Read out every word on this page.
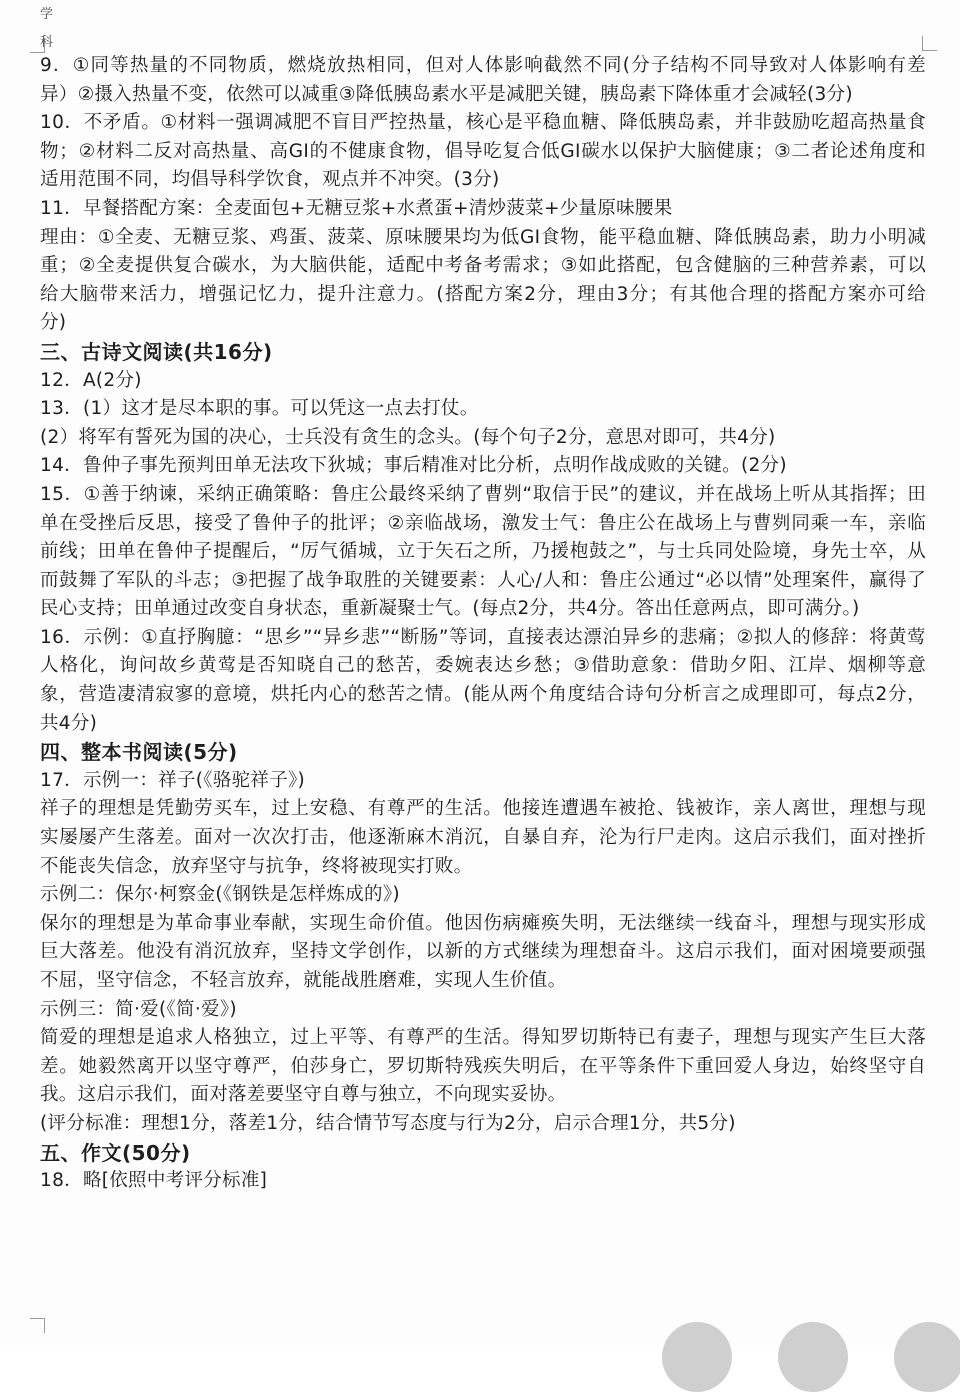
学
科
9．①同等热量的不同物质，燃烧放热相同，但对人体影响截然不同(分子结构不同导致对人体影响有差
异）②摄入热量不变，依然可以减重③降低胰岛素水平是减肥关键，胰岛素下降体重才会减轻(3分)
10．不矛盾。①材料一强调减肥不盲目严控热量，核心是平稳血糖、降低胰岛素，并非鼓励吃超高热量食
物；②材料二反对高热量、高GI的不健康食物，倡导吃复合低GI碳水以保护大脑健康；③二者论述角度和
适用范围不同，均倡导科学饮食，观点并不冲突。(3分)
11．早餐搭配方案：全麦面包+无糖豆浆+水煮蛋+清炒菠菜+少量原味腰果
理由：①全麦、无糖豆浆、鸡蛋、菠菜、原味腰果均为低GI食物，能平稳血糖、降低胰岛素，助力小明减
重；②全麦提供复合碳水，为大脑供能，适配中考备考需求；③如此搭配，包含健脑的三种营养素，可以
给大脑带来活力，增强记忆力，提升注意力。(搭配方案2分，理由3分；有其他合理的搭配方案亦可给
分)
三、古诗文阅读(共16分)
12．A(2分)
13．(1）这才是尽本职的事。可以凭这一点去打仗。
(2）将军有誓死为国的决心，士兵没有贪生的念头。(每个句子2分，意思对即可，共4分)
14．鲁仲子事先预判田单无法攻下狄城；事后精准对比分析，点明作战成败的关键。(2分)
15．①善于纳谏，采纳正确策略：鲁庄公最终采纳了曹刿“取信于民”的建议，并在战场上听从其指挥；田
单在受挫后反思，接受了鲁仲子的批评；②亲临战场，激发士气：鲁庄公在战场上与曹刿同乘一车，亲临
前线；田单在鲁仲子提醒后，“厉气循城，立于矢石之所，乃援枹鼓之”，与士兵同处险境，身先士卒，从
而鼓舞了军队的斗志；③把握了战争取胜的关键要素：人心/人和：鲁庄公通过“必以情”处理案件，赢得了
民心支持；田单通过改变自身状态，重新凝聚士气。(每点2分，共4分。答出任意两点，即可满分。)
16．示例：①直抒胸臆：“思乡”“异乡悲”“断肠”等词，直接表达漂泊异乡的悲痛；②拟人的修辞：将黄莺
人格化，询问故乡黄莺是否知晓自己的愁苦，委婉表达乡愁；③借助意象：借助夕阳、江岸、烟柳等意
象，营造凄清寂寥的意境，烘托内心的愁苦之情。(能从两个角度结合诗句分析言之成理即可，每点2分，
共4分)
四、整本书阅读(5分)
17．示例一：祥子(《骆驼祥子》)
祥子的理想是凭勤劳买车，过上安稳、有尊严的生活。他接连遭遇车被抢、钱被诈，亲人离世，理想与现
实屡屡产生落差。面对一次次打击，他逐渐麻木消沉，自暴自弃，沦为行尸走肉。这启示我们，面对挫折
不能丧失信念，放弃坚守与抗争，终将被现实打败。
示例二：保尔·柯察金(《钢铁是怎样炼成的》)
保尔的理想是为革命事业奉献，实现生命价值。他因伤病瘫痪失明，无法继续一线奋斗，理想与现实形成
巨大落差。他没有消沉放弃，坚持文学创作，以新的方式继续为理想奋斗。这启示我们，面对困境要顽强
不屈，坚守信念，不轻言放弃，就能战胜磨难，实现人生价值。
示例三：简·爱(《简·爱》)
简爱的理想是追求人格独立，过上平等、有尊严的生活。得知罗切斯特已有妻子，理想与现实产生巨大落
差。她毅然离开以坚守尊严，伯莎身亡，罗切斯特残疾失明后，在平等条件下重回爱人身边，始终坚守自
我。这启示我们，面对落差要坚守自尊与独立，不向现实妥协。
(评分标准：理想1分，落差1分，结合情节写态度与行为2分，启示合理1分，共5分)
五、作文(50分)
18．略[依照中考评分标准]
